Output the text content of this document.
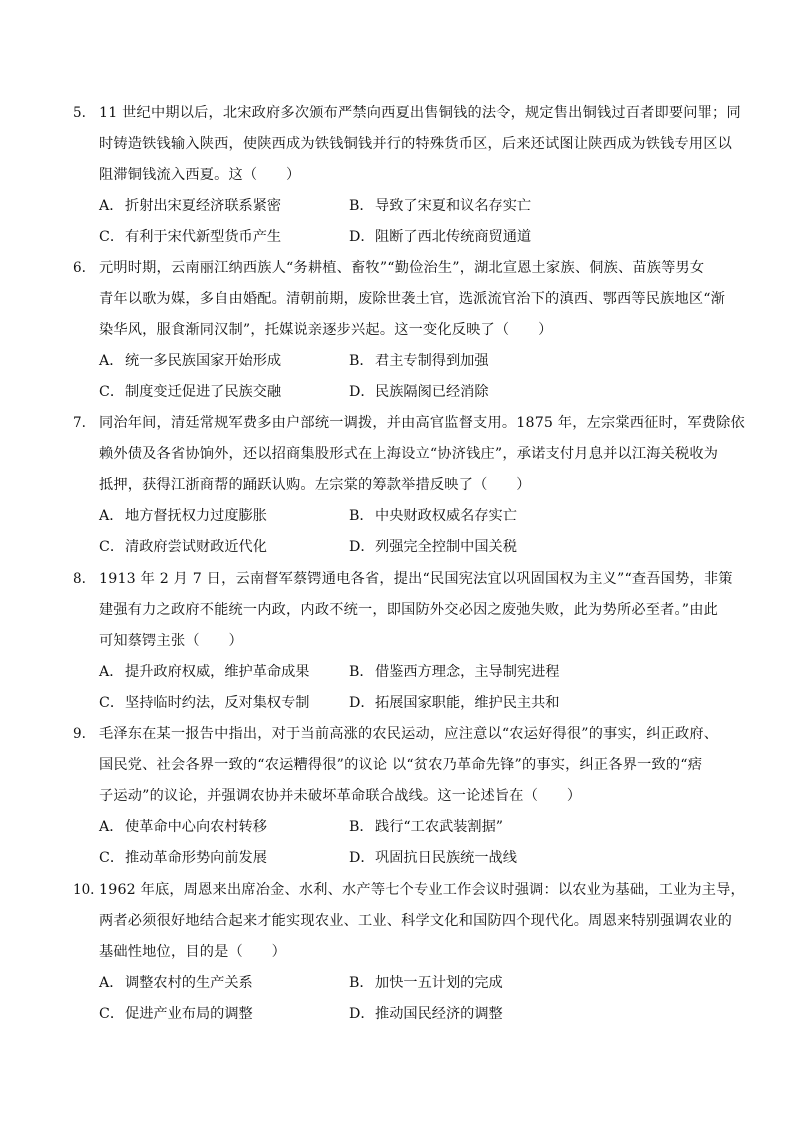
5. 11 世纪中期以后，北宋政府多次颁布严禁向西夏出售铜钱的法令，规定售出铜钱过百者即要问罪；同
时铸造铁钱输入陕西，使陕西成为铁钱铜钱并行的特殊货币区，后来还试图让陕西成为铁钱专用区以
阻滞铜钱流入西夏。这（　　）
A． 折射出宋夏经济联系紧密	B．导致了宋夏和议名存实亡
C．有利于宋代新型货币产生	D．阻断了西北传统商贸通道
6. 元明时期，云南丽江纳西族人“务耕植、畜牧”“勤俭治生”，湖北宣恩土家族、侗族、苗族等男女
青年以歌为媒，多自由婚配。清朝前期，废除世袭土官，选派流官治下的滇西、鄂西等民族地区“渐
染华风，服食渐同汉制”，托媒说亲逐步兴起。这一变化反映了（　　）
A． 统一多民族国家开始形成	B．君主专制得到加强
C．制度变迁促进了民族交融	D．民族隔阂已经消除
7. 同治年间，清廷常规军费多由户部统一调拨，并由高官监督支用。1875 年，左宗棠西征时，军费除依
赖外债及各省协饷外，还以招商集股形式在上海设立“协济钱庄”，承诺支付月息并以江海关税收为
抵押，获得江浙商帮的踊跃认购。左宗棠的筹款举措反映了（　　）
A． 地方督抚权力过度膨胀	B．中央财政权威名存实亡
C．清政府尝试财政近代化	D．列强完全控制中国关税
8. 1913 年 2 月 7 日，云南督军蔡锷通电各省，提出“民国宪法宜以巩固国权为主义”“查吾国势，非策
建强有力之政府不能统一内政，内政不统一，即国防外交必因之废弛失败，此为势所必至者。”由此
可知蔡锷主张（　　）
A． 提升政府权威，维护革命成果	B．借鉴西方理念，主导制宪进程
C．坚持临时约法，反对集权专制	D．拓展国家职能，维护民主共和
9. 毛泽东在某一报告中指出，对于当前高涨的农民运动，应注意以“农运好得很”的事实，纠正政府、
国民党、社会各界一致的“农运糟得很”的议论 以“贫农乃革命先锋”的事实，纠正各界一致的“痞
子运动”的议论，并强调农协并未破坏革命联合战线。这一论述旨在（　　）
A． 使革命中心向农村转移	B．践行“工农武装割据”
C．推动革命形势向前发展	D．巩固抗日民族统一战线
10. 1962 年底，周恩来出席冶金、水利、水产等七个专业工作会议时强调：以农业为基础，工业为主导，
两者必须很好地结合起来才能实现农业、工业、科学文化和国防四个现代化。周恩来特别强调农业的
基础性地位，目的是（　　）
A． 调整农村的生产关系	B．加快一五计划的完成
C．促进产业布局的调整	D．推动国民经济的调整
